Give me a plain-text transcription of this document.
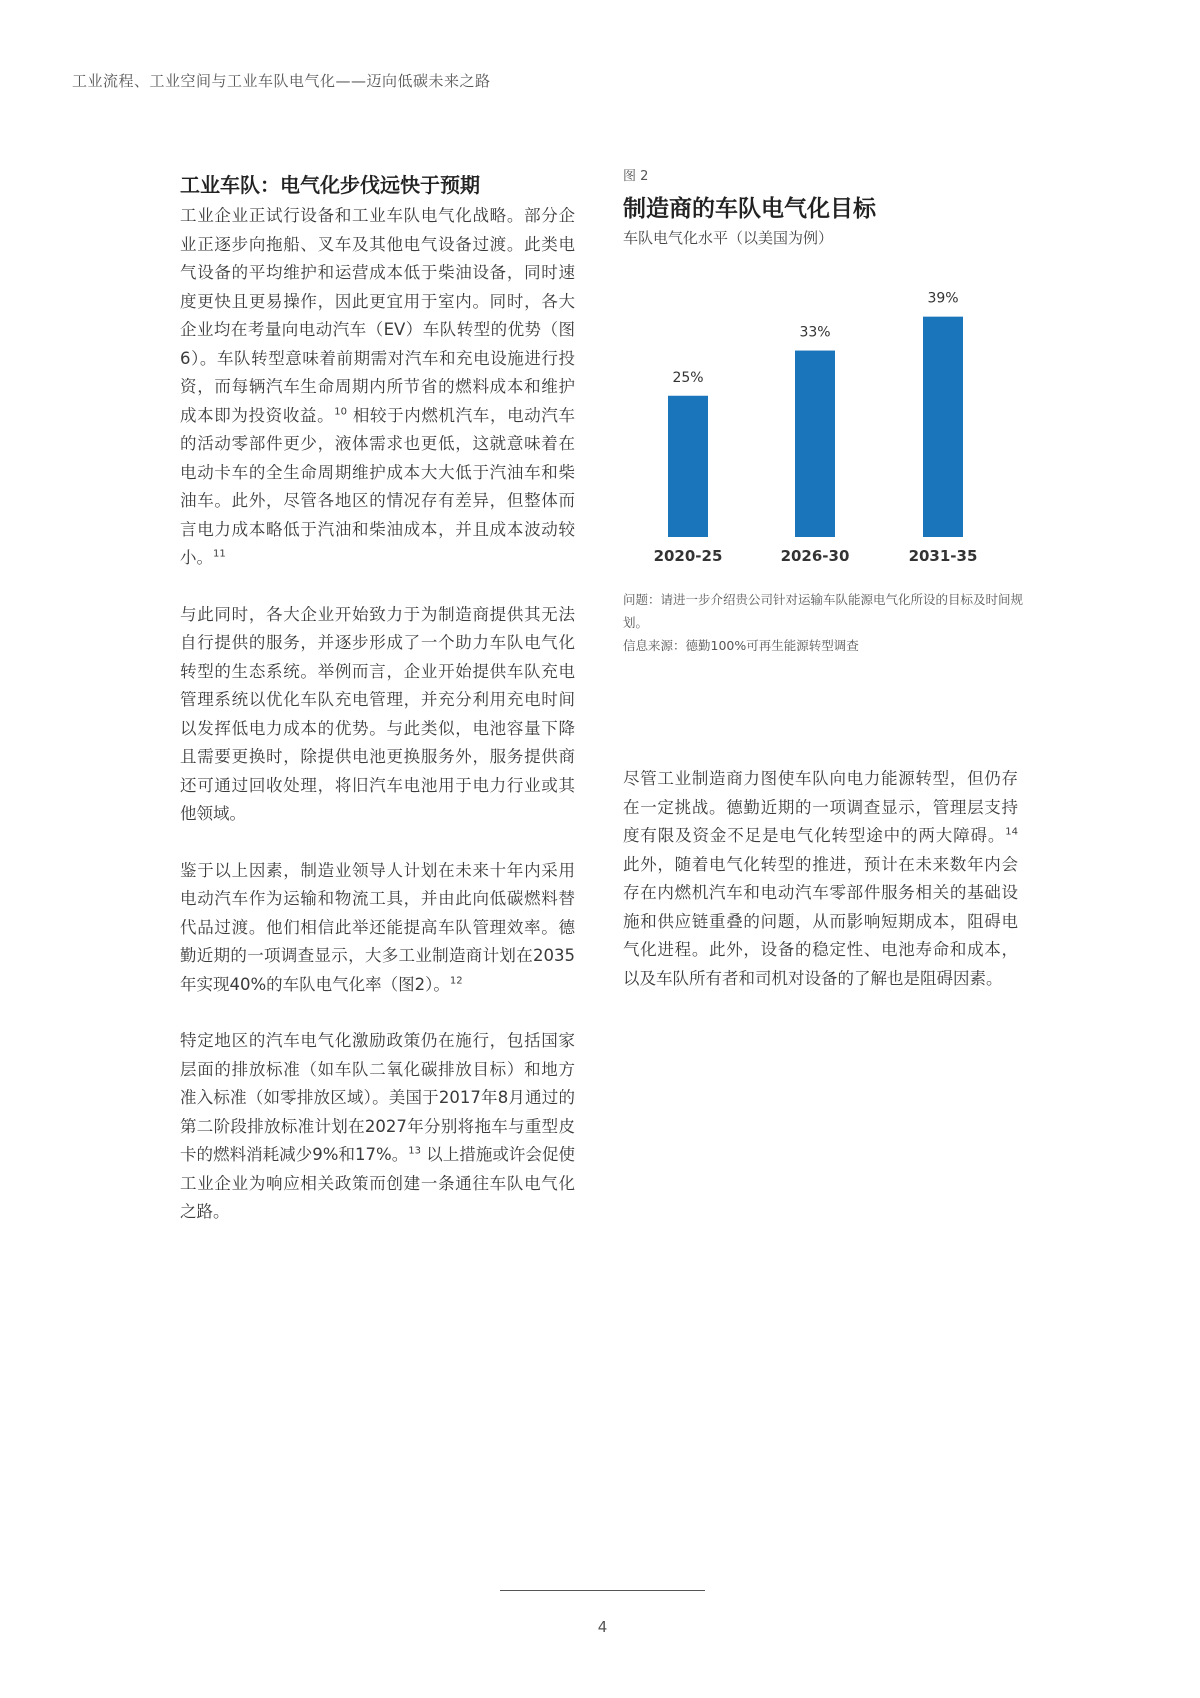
工业流程、工业空间与工业车队电气化——迈向低碳未来之路
工业车队：电气化步伐远快于预期

工业企业正试行设备和工业车队电气化战略。部分企业正逐步向拖船、叉车及其他电气设备过渡。此类电气设备的平均维护和运营成本低于柴油设备，同时速度更快且更易操作，因此更宜用于室内。同时，各大企业均在考量向电动汽车（EV）车队转型的优势（图6）。车队转型意味着前期需对汽车和充电设施进行投资，而每辆汽车生命周期内所节省的燃料成本和维护成本即为投资收益。$^{10}$ 相较于内燃机汽车，电动汽车的活动零部件更少，液体需求也更低，这就意味着在电动卡车的全生命周期维护成本大大低于汽油车和柴油车。此外，尽管各地区的情况存有差异，但整体而言电力成本略低于汽油和柴油成本，并且成本波动较小。$^{11}$

与此同时，各大企业开始致力于为制造商提供其无法自行提供的服务，并逐步形成了一个助力车队电气化转型的生态系统。举例而言，企业开始提供车队充电管理系统以优化车队充电管理，并充分利用充电时间以发挥低电力成本的优势。与此类似，电池容量下降且需要更换时，除提供电池更换服务外，服务提供商还可通过回收处理，将旧汽车电池用于电力行业或其他领域。

鉴于以上因素，制造业领导人计划在未来十年内采用电动汽车作为运输和物流工具，并由此向低碳燃料替代品过渡。他们相信此举还能提高车队管理效率。德勤近期的一项调查显示，大多工业制造商计划在2035年实现40%的车队电气化率（图2）。$^{12}$

特定地区的汽车电气化激励政策仍在施行，包括国家层面的排放标准（如车队二氧化碳排放目标）和地方准入标准（如零排放区域）。美国于2017年8月通过的第二阶段排放标准计划在2027年分别将拖车与重型皮卡的燃料消耗减少9%和17%。$^{13}$ 以上措施或许会促使工业企业为响应相关政策而创建一条通往车队电气化之路。

图 2
制造商的车队电气化目标
车队电气化水平（以美国为例）
25%
2020-25
33%
2026-30
39%
2031-35
问题：请进一步介绍贵公司针对运输车队能源电气化所设的目标及时间规划。
信息来源：德勤100%可再生能源转型调查

尽管工业制造商力图使车队向电力能源转型，但仍存在一定挑战。德勤近期的一项调查显示，管理层支持度有限及资金不足是电气化转型途中的两大障碍。$^{14}$ 此外，随着电气化转型的推进，预计在未来数年内会存在内燃机汽车和电动汽车零部件服务相关的基础设施和供应链重叠的问题，从而影响短期成本，阻碍电气化进程。此外，设备的稳定性、电池寿命和成本，以及车队所有者和司机对设备的了解也是阻碍因素。

4
